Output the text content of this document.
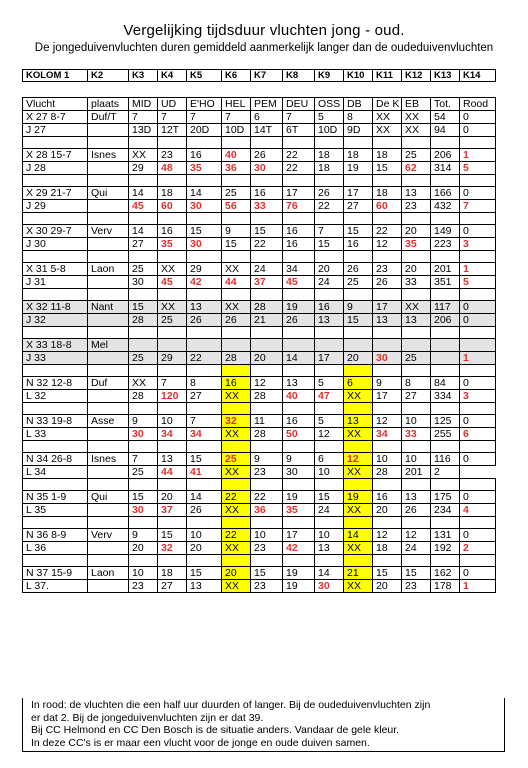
Vergelijking tijdsduur vluchten jong - oud.
De jongeduivenvluchten duren gemiddeld aanmerkelijk langer dan de oudeduivenvluchten
KOLOM 1	K2	K3	K4	K5	K6	K7	K8	K9	K10	K11	K12	K13	K14
Vlucht	plaats	MID	UD	E'HO	HEL	PEM	DEU	OSS	DB	De K	EB	Tot.	Rood
X 27 8-7	Duf/T	7	7	7	7	6	7	5	8	XX	XX	54	0
J 27		13D	12T	20D	10D	14T	6T	10D	9D	XX	XX	94	0

X 28 15-7	Isnes	XX	23	16	40	26	22	18	18	18	25	206	1
J 28		29	48	35	36	30	22	18	19	15	62	314	5

X 29 21-7	Qui	14	18	14	25	16	17	26	17	18	13	166	0
J 29		45	60	30	56	33	76	22	27	60	23	432	7

X 30 29-7	Verv	14	16	15	9	15	16	7	15	22	20	149	0
J 30		27	35	30	15	22	16	15	16	12	35	223	3

X 31 5-8	Laon	25	XX	29	XX	24	34	20	26	23	20	201	1
J 31		30	45	42	44	37	45	24	25	26	33	351	5

X 32 11-8	Nant	15	XX	13	XX	28	19	16	9	17	XX	117	0
J 32		28	25	26	26	21	26	13	15	13	13	206	0

X 33 18-8	Mel												
J 33		25	29	22	28	20	14	17	20	30	25		1

N 32 12-8	Duf	XX	7	8	16	12	13	5	6	9	8	84	0
L 32		28	120	27	XX	28	40	47	XX	17	27	334	3

N 33 19-8	Asse	9	10	7	32	11	16	5	13	12	10	125	0
L 33		30	34	34	XX	28	50	12	XX	34	33	255	6

N 34 26-8	Isnes	7	13	15	25	9	9	6	12	10	10	116	0
L 34		25	44	41	XX	23	30	10	XX	28	201	2	

N 35 1-9	Qui	15	20	14	22	22	19	15	19	16	13	175	0
L 35		30	37	26	XX	36	35	24	XX	20	26	234	4

N 36 8-9	Verv	9	15	10	22	10	17	10	14	12	12	131	0
L 36		20	32	20	XX	23	42	13	XX	18	24	192	2

N 37 15-9	Laon	10	18	15	20	15	19	14	21	15	15	162	0
L 37.		23	27	13	XX	23	19	30	XX	20	23	178	1
In rood: de vluchten die een half uur duurden of langer. Bij de oudeduivenvluchten zijn
er dat 2. Bij de jongeduivenvluchten zijn er dat 39.
Bij CC Helmond en CC Den Bosch is de situatie anders. Vandaar de gele kleur.
In deze CC's is er maar een vlucht voor de jonge en oude duiven samen.
